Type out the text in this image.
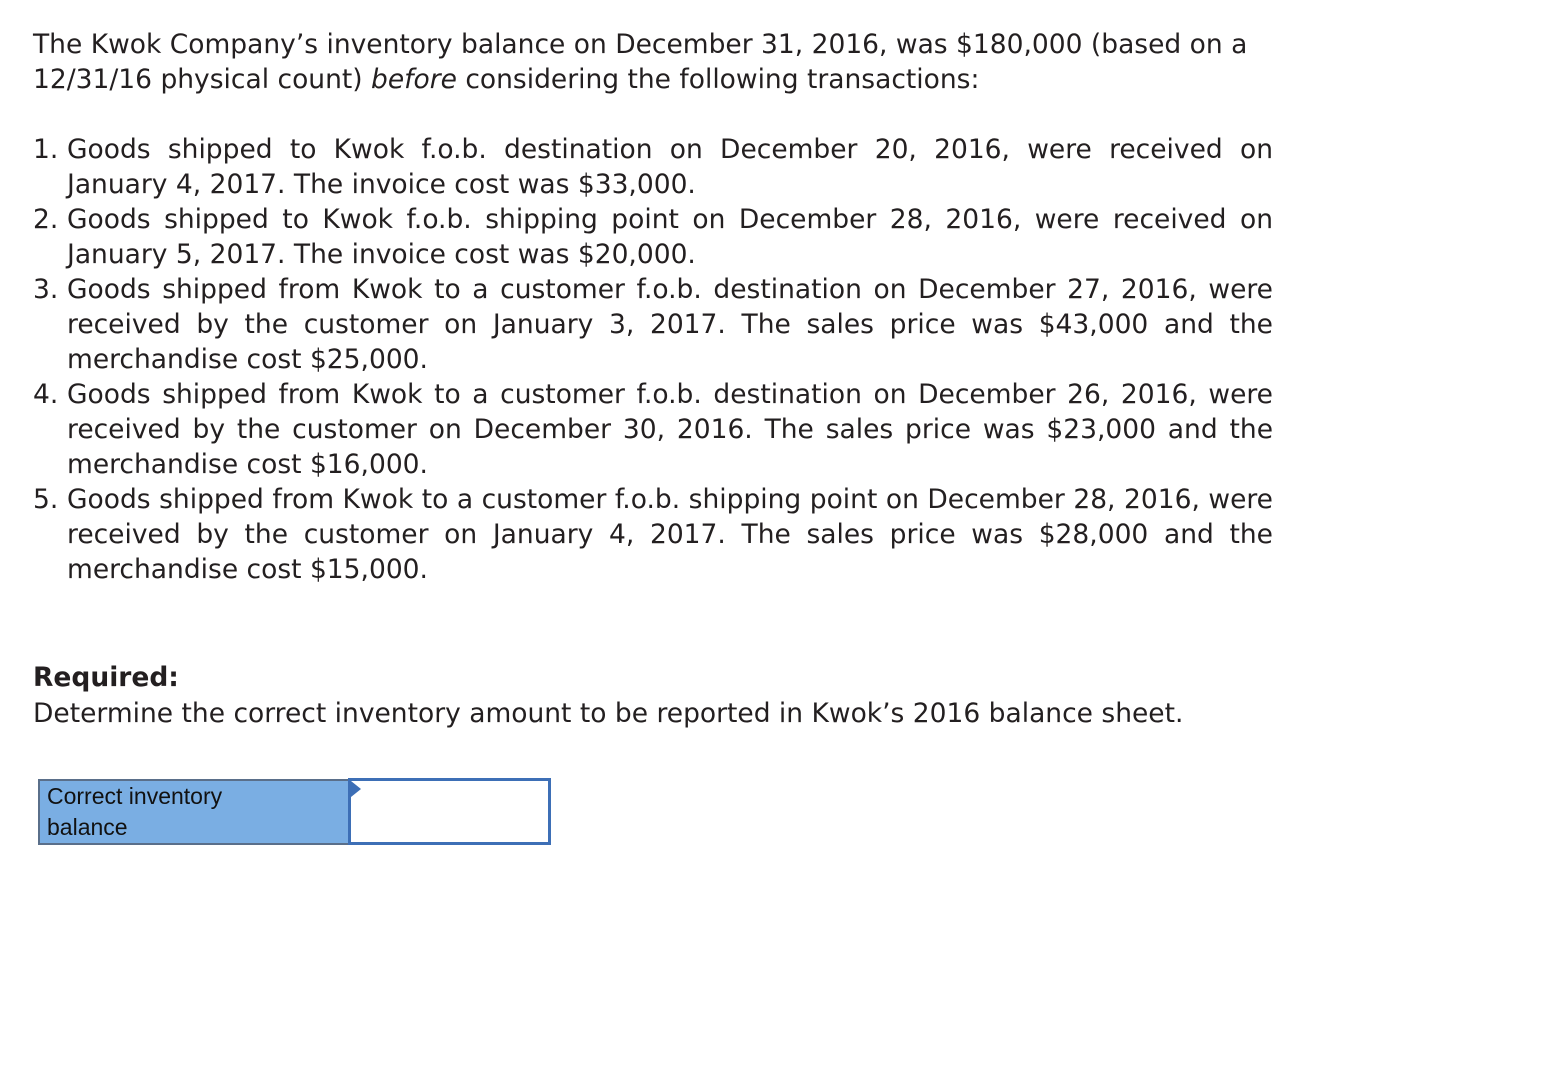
The Kwok Company’s inventory balance on December 31, 2016, was $180,000 (based on a 12/31/16 physical count) before considering the following transactions:

1. Goods shipped to Kwok f.o.b. destination on December 20, 2016, were received on January 4, 2017. The invoice cost was $33,000.
2. Goods shipped to Kwok f.o.b. shipping point on December 28, 2016, were received on January 5, 2017. The invoice cost was $20,000.
3. Goods shipped from Kwok to a customer f.o.b. destination on December 27, 2016, were received by the customer on January 3, 2017. The sales price was $43,000 and the merchandise cost $25,000.
4. Goods shipped from Kwok to a customer f.o.b. destination on December 26, 2016, were received by the customer on December 30, 2016. The sales price was $23,000 and the merchandise cost $16,000.
5. Goods shipped from Kwok to a customer f.o.b. shipping point on December 28, 2016, were received by the customer on January 4, 2017. The sales price was $28,000 and the merchandise cost $15,000.

Required:

Determine the correct inventory amount to be reported in Kwok’s 2016 balance sheet.

Correct inventory
balance	
